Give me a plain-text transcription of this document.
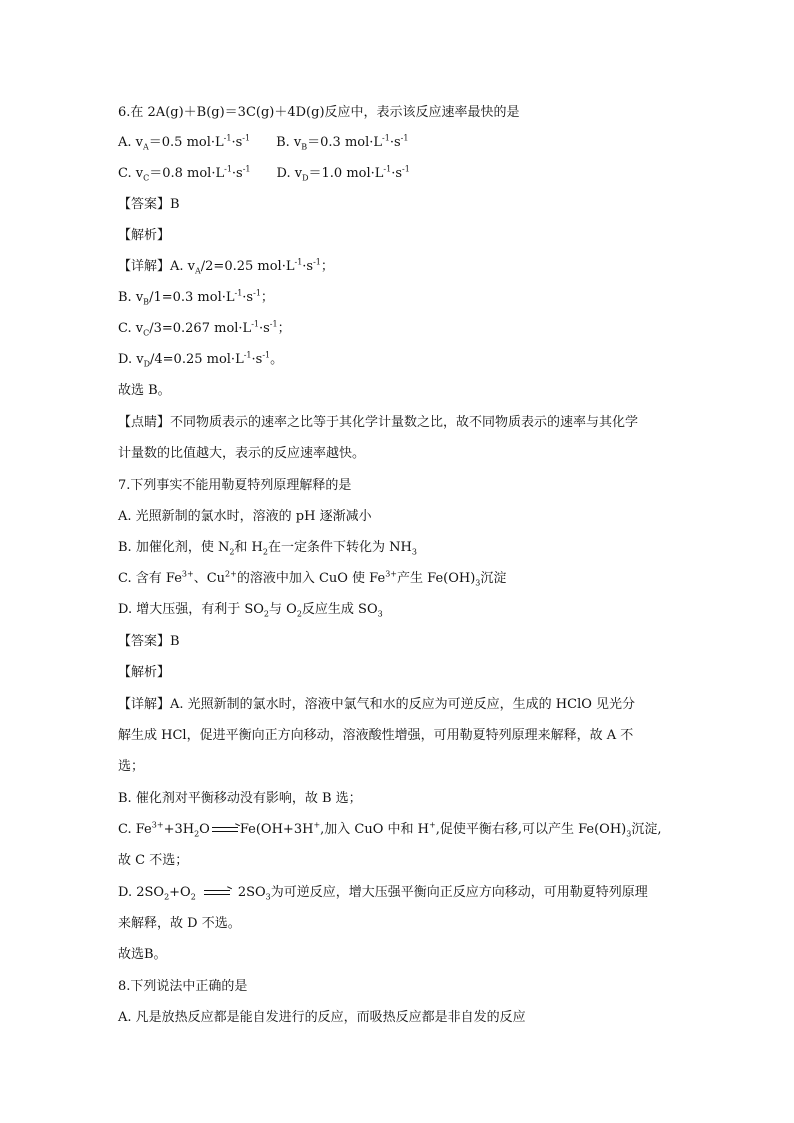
6.在 2A(g)＋B(g)＝3C(g)＋4D(g)反应中，表示该反应速率最快的是
A. $v_A=0.5$ $mol\cdot L^{-1}\cdot s^{-1}$ B. $v_B=0.3$ $mol\cdot L^{-1}\cdot s^{-1}$
C. $v_C=0.8$ $mol\cdot L^{-1}\cdot s^{-1}$ D. $v_D=1.0$ $mol\cdot L^{-1}\cdot s^{-1}$
【答案】B
【解析】
【详解】A. $v_A/2=0.25$ $mol\cdot L^{-1}\cdot s^{-1}$；
B. $v_B/1=0.3$ $mol\cdot L^{-1}\cdot s^{-1}$；
C. $v_C/3=0.267$ $mol\cdot L^{-1}\cdot s^{-1}$；
D. $v_D/4=0.25$ $mol\cdot L^{-1}\cdot s^{-1}$。
故选 B。
【点睛】不同物质表示的速率之比等于其化学计量数之比，故不同物质表示的速率与其化学
计量数的比值越大，表示的反应速率越快。
7.下列事实不能用勒夏特列原理解释的是
A. 光照新制的氯水时，溶液的 pH 逐渐减小
B. 加催化剂，使 $N_2$和 $H_2$在一定条件下转化为 $NH_3$
C. 含有 $Fe^{3+}$、$Cu^{2+}$的溶液中加入 CuO 使 $Fe^{3+}$产生 $Fe(OH)_3$沉淀
D. 增大压强，有利于 $SO_2$与 $O_2$反应生成 $SO_3$
【答案】B
【解析】
【详解】A. 光照新制的氯水时，溶液中氯气和水的反应为可逆反应，生成的 HClO 见光分
解生成 HCl，促进平衡向正方向移动，溶液酸性增强，可用勒夏特列原理来解释，故 A 不
选；
B. 催化剂对平衡移动没有影响，故 B 选；
C. $Fe^{3+}+3H_2O \to Fe(OH+3H^+$,加入 CuO 中和 H+,促使平衡右移,可以产生 $Fe(OH)_3$沉淀,
故 C 不选；
D. $2SO_2+O_2 \to 2SO_3$为可逆反应，增大压强平衡向正反应方向移动，可用勒夏特列原理
来解释，故 D 不选。
故选B。
8.下列说法中正确的是
A. 凡是放热反应都是能自发进行的反应，而吸热反应都是非自发的反应
